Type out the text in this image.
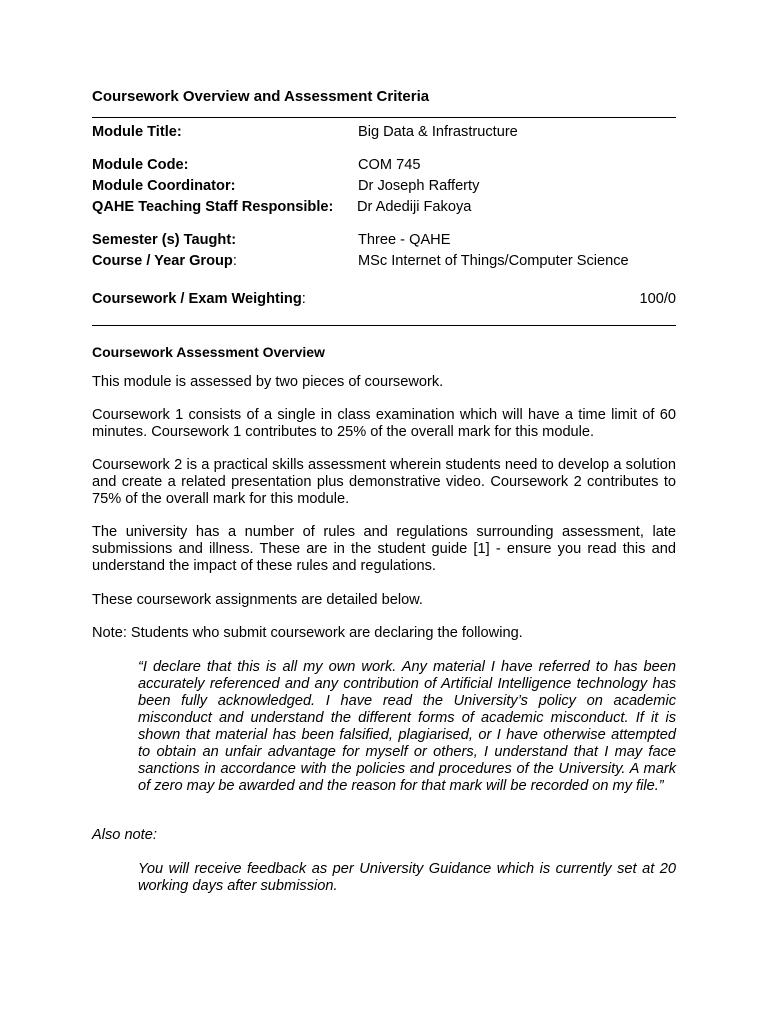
Coursework Overview and Assessment Criteria
Module Title:	Big Data & Infrastructure
Module Code:	COM 745
Module Coordinator:	Dr Joseph Rafferty
QAHE Teaching Staff Responsible: Dr Adediji Fakoya
Semester (s) Taught:	Three - QAHE
Course / Year Group:	MSc Internet of Things/Computer Science
Coursework / Exam Weighting:	100/0
Coursework Assessment Overview
This module is assessed by two pieces of coursework.
Coursework 1 consists of a single in class examination which will have a time limit of 60 minutes. Coursework 1 contributes to 25% of the overall mark for this module.
Coursework 2 is a practical skills assessment wherein students need to develop a solution and create a related presentation plus demonstrative video. Coursework 2 contributes to 75% of the overall mark for this module.
The university has a number of rules and regulations surrounding assessment, late submissions and illness. These are in the student guide [1] - ensure you read this and understand the impact of these rules and regulations.
These coursework assignments are detailed below.
Note: Students who submit coursework are declaring the following.
“I declare that this is all my own work. Any material I have referred to has been accurately referenced and any contribution of Artificial Intelligence technology has been fully acknowledged. I have read the University’s policy on academic misconduct and understand the different forms of academic misconduct. If it is shown that material has been falsified, plagiarised, or I have otherwise attempted to obtain an unfair advantage for myself or others, I understand that I may face sanctions in accordance with the policies and procedures of the University. A mark of zero may be awarded and the reason for that mark will be recorded on my file.”
Also note:
You will receive feedback as per University Guidance which is currently set at 20 working days after submission.
